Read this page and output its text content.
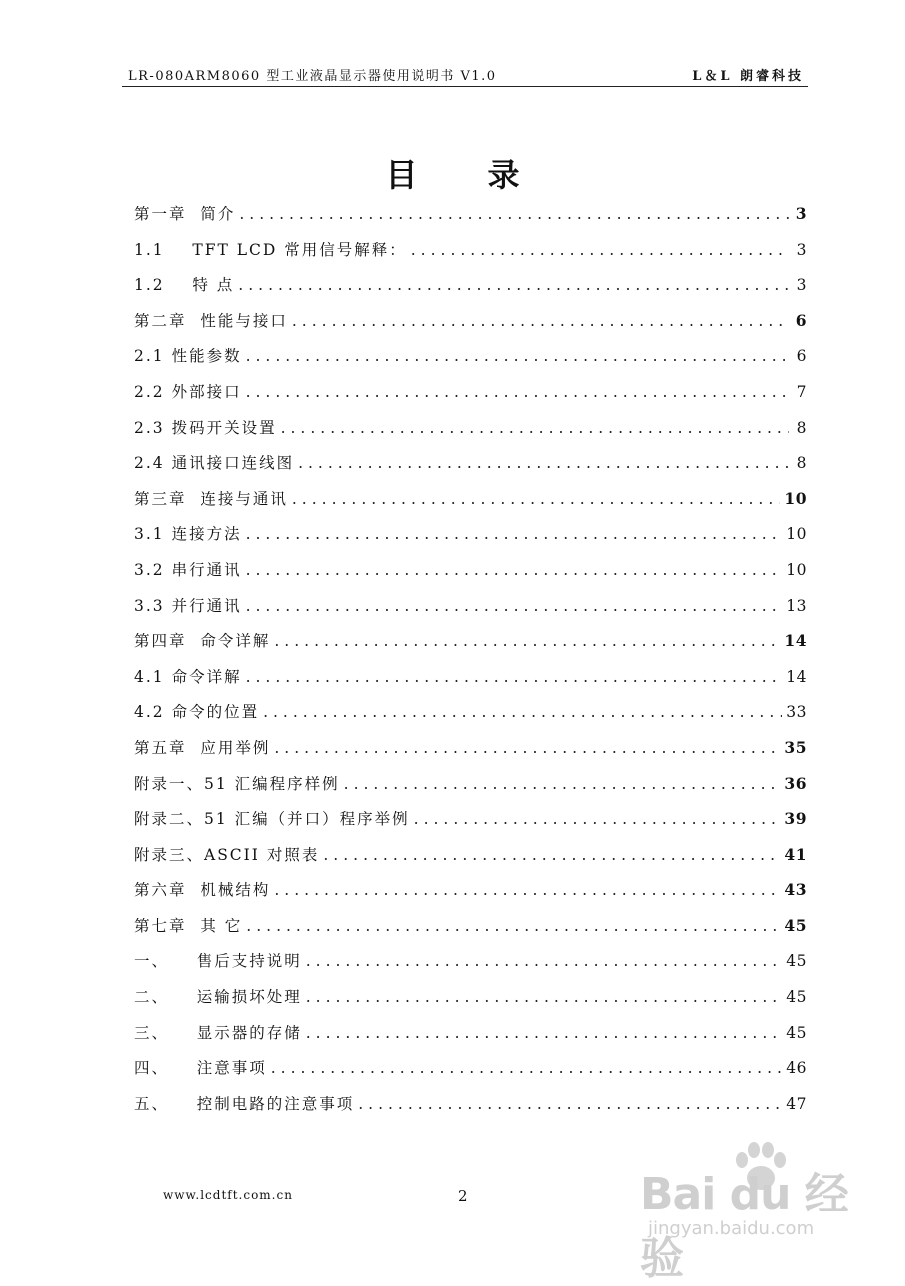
LR-080ARM8060 型工业液晶显示器使用说明书 V1.0	L＆L 朗睿科技
目录
第一章  简介 .....	3
1.1    TFT LCD 常用信号解释： .....	3
1.2    特 点 .....	3
第二章  性能与接口 .....	6
2.1 性能参数 .....	6
2.2 外部接口 .....	7
2.3 拨码开关设置 .....	8
2.4 通讯接口连线图 .....	8
第三章  连接与通讯 .....	10
3.1 连接方法 .....	10
3.2 串行通讯 .....	10
3.3 并行通讯 .....	13
第四章  命令详解 .....	14
4.1 命令详解 .....	14
4.2 命令的位置 .....	33
第五章  应用举例 .....	35
附录一、51 汇编程序样例 .....	36
附录二、51 汇编（并口）程序举例 .....	39
附录三、ASCII 对照表 .....	41
第六章  机械结构 .....	43
第七章  其 它 .....	45
一、    售后支持说明 .....	45
二、    运输损坏处理 .....	45
三、    显示器的存储 .....	45
四、    注意事项 .....	46
五、    控制电路的注意事项 .....	47
www.lcdtft.com.cn	2	Bai du 经验
jingyan.baidu.com
